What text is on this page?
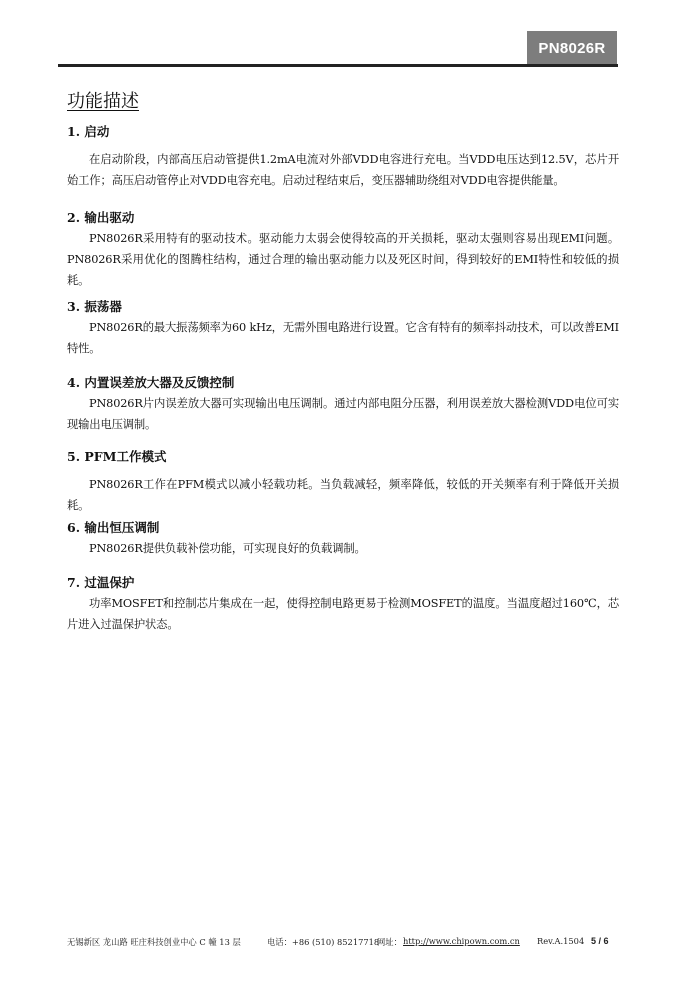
PN8026R
功能描述

1. 启动

在启动阶段，内部高压启动管提供1.2mA电流对外部VDD电容进行充电。当VDD电压达到12.5V，芯片开始工作；高压启动管停止对VDD电容充电。启动过程结束后，变压器辅助绕组对VDD电容提供能量。

2. 输出驱动

PN8026R采用特有的驱动技术。驱动能力太弱会使得较高的开关损耗，驱动太强则容易出现EMI问题。PN8026R采用优化的图腾柱结构，通过合理的输出驱动能力以及死区时间，得到较好的EMI特性和较低的损耗。

3. 振荡器

PN8026R的最大振荡频率为60 kHz，无需外围电路进行设置。它含有特有的频率抖动技术，可以改善EMI特性。

4. 内置误差放大器及反馈控制

PN8026R片内误差放大器可实现输出电压调制。通过内部电阻分压器，利用误差放大器检测VDD电位可实现输出电压调制。

5. PFM工作模式

PN8026R工作在PFM模式以减小轻载功耗。当负载减轻，频率降低，较低的开关频率有利于降低开关损耗。

6. 输出恒压调制

PN8026R提供负载补偿功能，可实现良好的负载调制。

7. 过温保护

功率MOSFET和控制芯片集成在一起，使得控制电路更易于检测MOSFET的温度。当温度超过160℃，芯片进入过温保护状态。

无锡新区 龙山路 旺庄科技创业中心 C 幢 13 层	电话：+86 (510) 85217718
网址： http://www.chipown.com.cn Rev.A.1504 5 / 6
